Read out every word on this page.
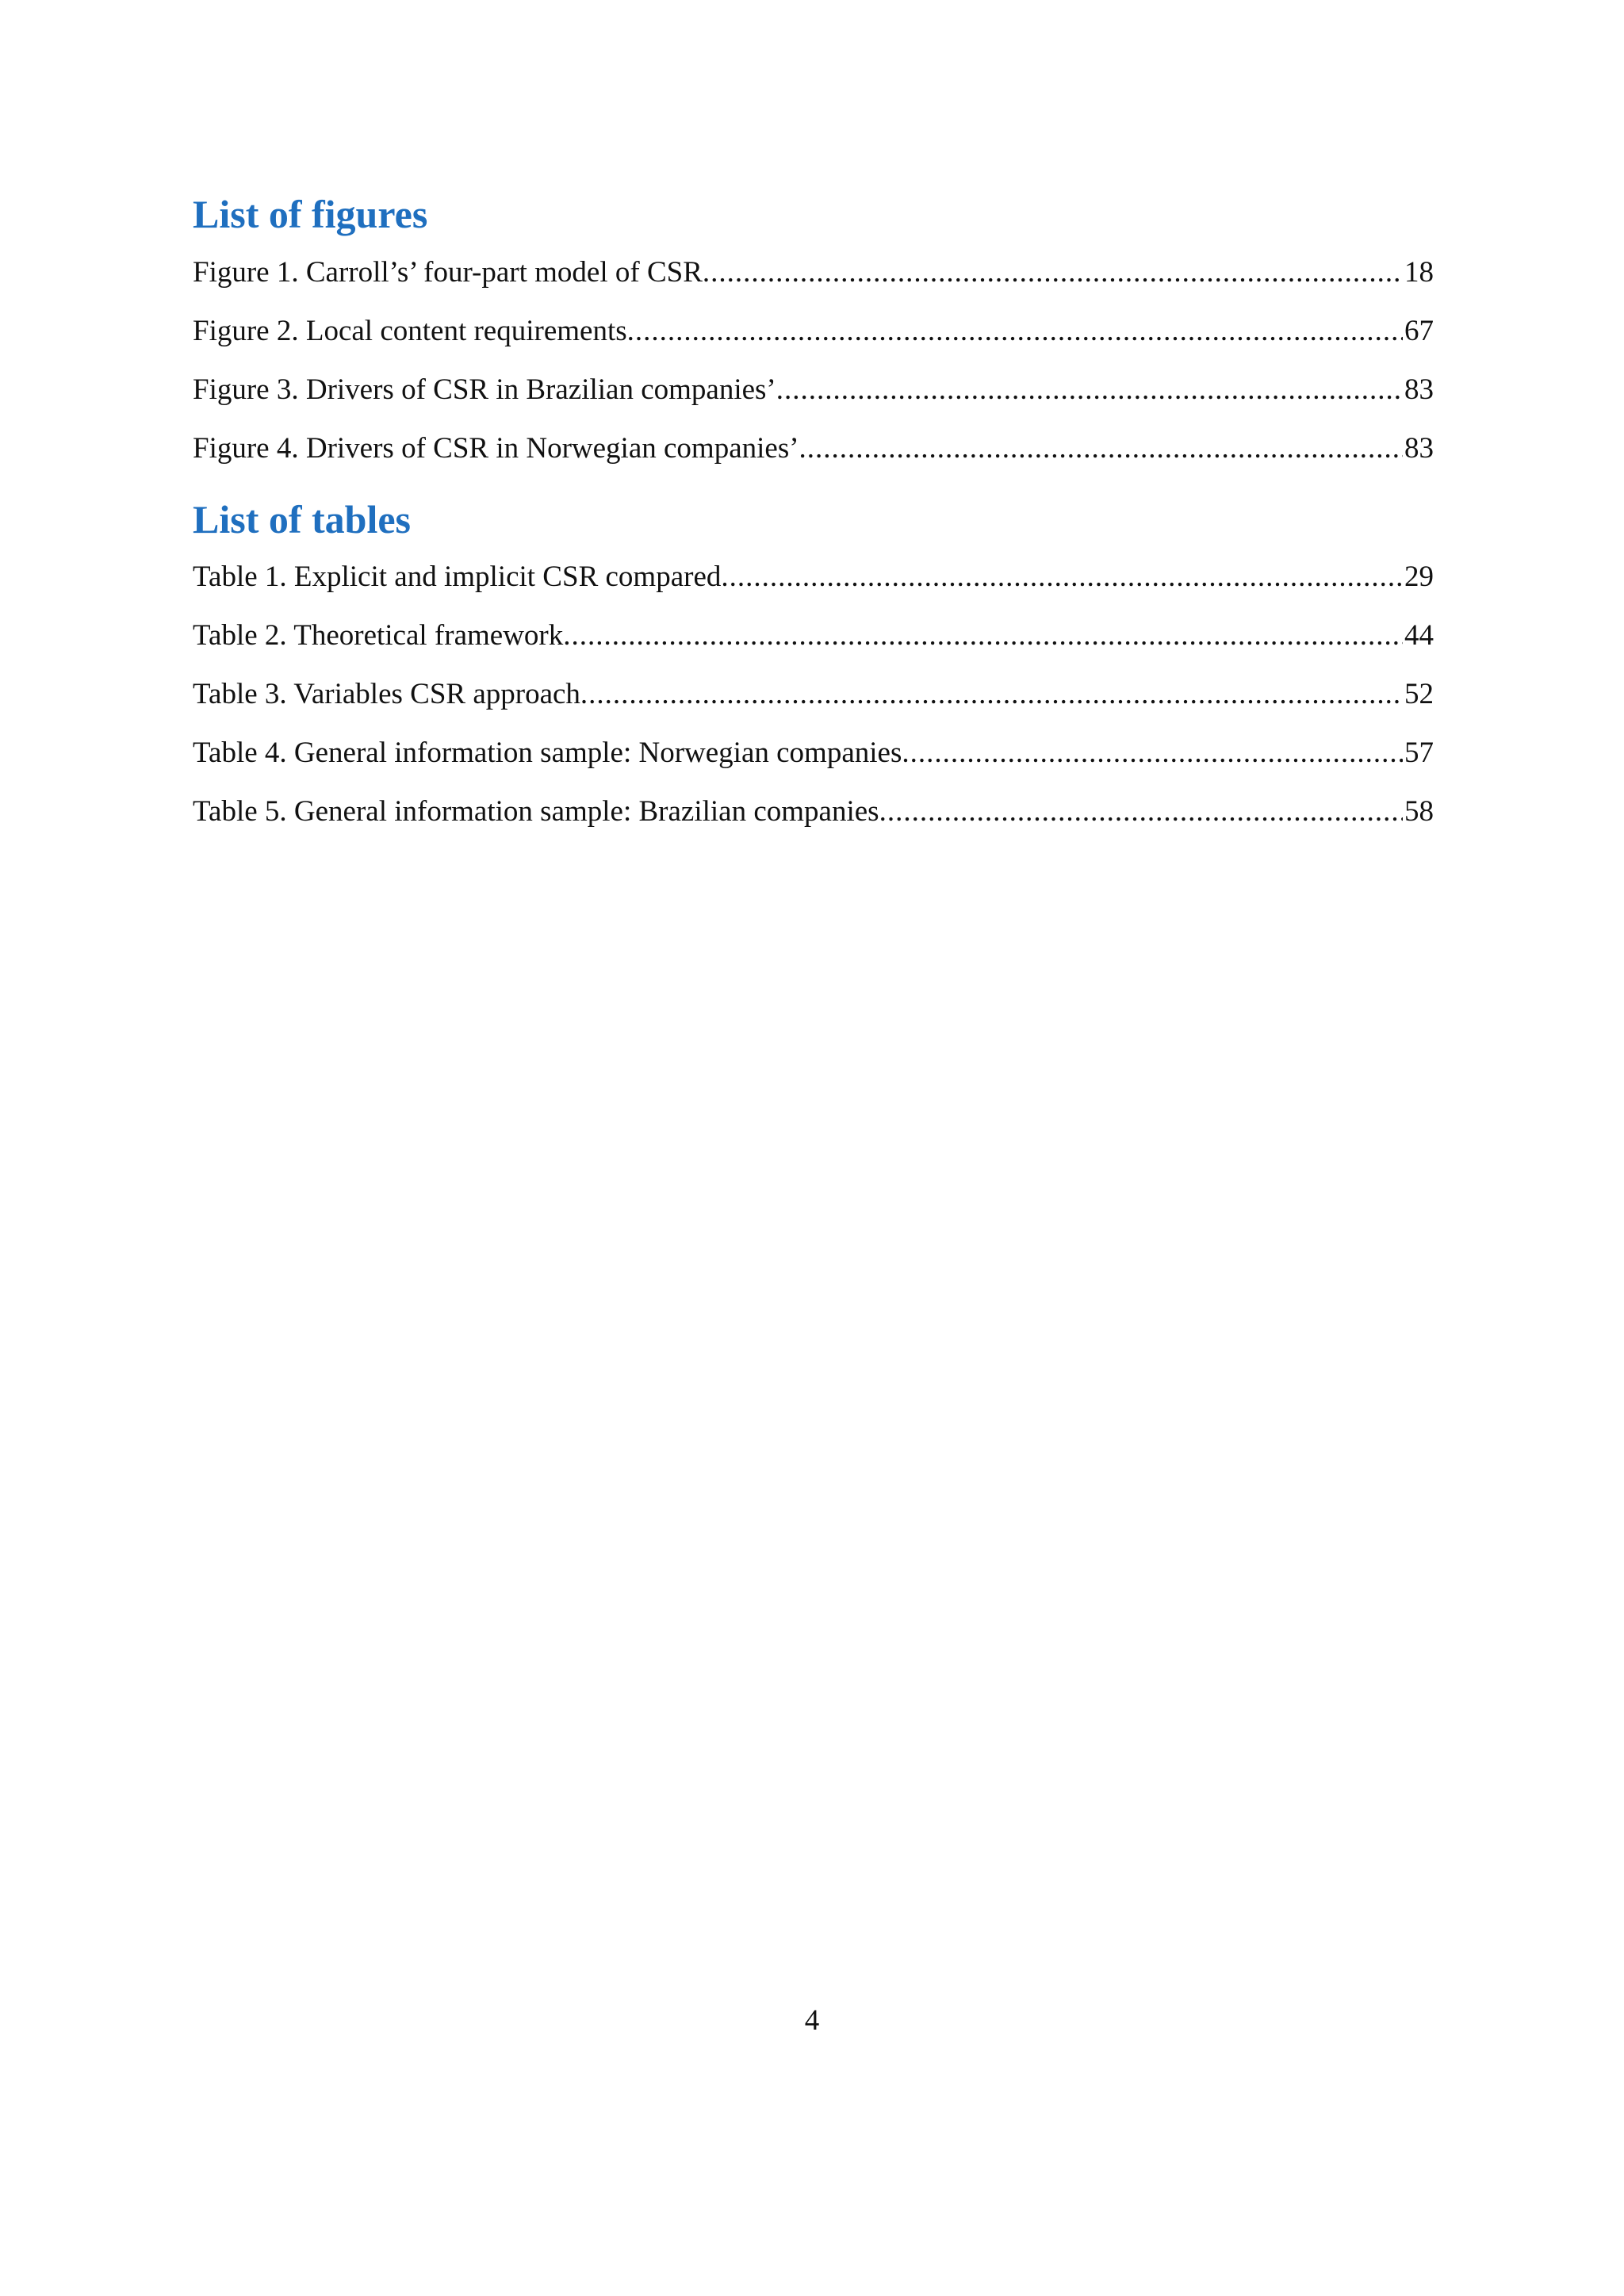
List of figures
Figure 1. Carroll’s’ four-part model of CSR .....	18
Figure 2. Local content requirements .....	67
Figure 3. Drivers of CSR in Brazilian companies’ .....	83
Figure 4. Drivers of CSR in Norwegian companies’ .....	83
List of tables
Table 1. Explicit and implicit CSR compared .....	29
Table 2. Theoretical framework .....	44
Table 3. Variables CSR approach .....	52
Table 4. General information sample: Norwegian companies .....	57
Table 5. General information sample: Brazilian companies .....	58
4
